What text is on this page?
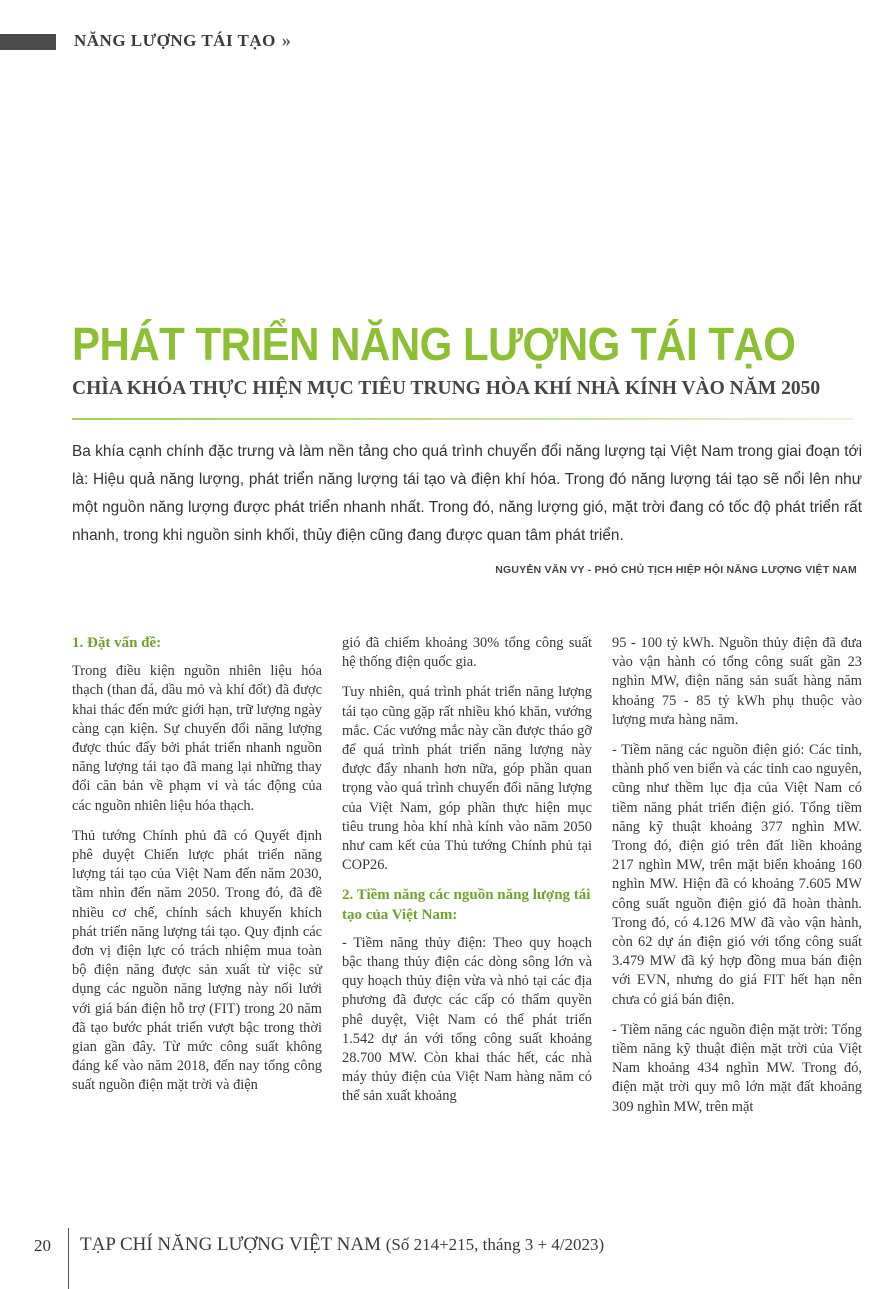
NĂNG LƯỢNG TÁI TẠO »
PHÁT TRIỂN NĂNG LƯỢNG TÁI TẠO
CHÌA KHÓA THỰC HIỆN MỤC TIÊU TRUNG HÒA KHÍ NHÀ KÍNH VÀO NĂM 2050

Ba khía cạnh chính đặc trưng và làm nền tảng cho quá trình chuyển đổi năng lượng tại Việt Nam trong giai đoạn tới là: Hiệu quả năng lượng, phát triển năng lượng tái tạo và điện khí hóa. Trong đó năng lượng tái tạo sẽ nổi lên như một nguồn năng lượng được phát triển nhanh nhất. Trong đó, năng lượng gió, mặt trời đang có tốc độ phát triển rất nhanh, trong khi nguồn sinh khối, thủy điện cũng đang được quan tâm phát triển.

NGUYỄN VĂN VY - PHÓ CHỦ TỊCH HIỆP HỘI NĂNG LƯỢNG VIỆT NAM
1. Đặt vấn đề:

Trong điều kiện nguồn nhiên liệu hóa thạch (than đá, dầu mỏ và khí đốt) đã được khai thác đến mức giới hạn, trữ lượng ngày càng cạn kiện. Sự chuyển đổi năng lượng được thúc đẩy bởi phát triển nhanh nguồn năng lượng tái tạo đã mang lại những thay đổi căn bản về phạm vi và tác động của các nguồn nhiên liệu hóa thạch.

Thủ tướng Chính phủ đã có Quyết định phê duyệt Chiến lược phát triển năng lượng tái tạo của Việt Nam đến năm 2030, tầm nhìn đến năm 2050. Trong đó, đã đề nhiều cơ chế, chính sách khuyến khích phát triển năng lượng tái tạo. Quy định các đơn vị điện lực có trách nhiệm mua toàn bộ điện năng được sản xuất từ việc sử dụng các nguồn năng lượng này nối lưới với giá bán điện hỗ trợ (FIT) trong 20 năm đã tạo bước phát triển vượt bậc trong thời gian gần đây. Từ mức công suất không đáng kể vào năm 2018, đến nay tổng công suất nguồn điện mặt trời và điện

gió đã chiếm khoảng 30% tổng công suất hệ thống điện quốc gia.

Tuy nhiên, quá trình phát triển năng lượng tái tạo cũng gặp rất nhiều khó khăn, vướng mắc. Các vướng mắc này cần được tháo gỡ để quá trình phát triển năng lượng này được đẩy nhanh hơn nữa, góp phần quan trọng vào quá trình chuyển đổi năng lượng của Việt Nam, góp phần thực hiện mục tiêu trung hòa khí nhà kính vào năm 2050 như cam kết của Thủ tướng Chính phủ tại COP26.

2. Tiềm năng các nguồn năng lượng tái tạo của Việt Nam:

- Tiềm năng thủy điện: Theo quy hoạch bậc thang thủy điện các dòng sông lớn và quy hoạch thủy điện vừa và nhỏ tại các địa phương đã được các cấp có thẩm quyền phê duyệt, Việt Nam có thể phát triển 1.542 dự án với tổng công suất khoảng 28.700 MW. Còn khai thác hết, các nhà máy thủy điện của Việt Nam hàng năm có thể sản xuất khoảng

95 - 100 tỷ kWh. Nguồn thủy điện đã đưa vào vận hành có tổng công suất gần 23 nghìn MW, điện năng sản suất hàng năm khoảng 75 - 85 tỷ kWh phụ thuộc vào lượng mưa hàng năm.

- Tiềm năng các nguồn điện gió: Các tỉnh, thành phố ven biển và các tỉnh cao nguyên, cũng như thềm lục địa của Việt Nam có tiềm năng phát triển điện gió. Tổng tiềm năng kỹ thuật khoảng 377 nghìn MW. Trong đó, điện gió trên đất liền khoảng 217 nghìn MW, trên mặt biển khoảng 160 nghìn MW. Hiện đã có khoảng 7.605 MW công suất nguồn điện gió đã hoàn thành. Trong đó, có 4.126 MW đã vào vận hành, còn 62 dự án điện gió với tổng công suất 3.479 MW đã ký hợp đồng mua bán điện với EVN, nhưng do giá FIT hết hạn nên chưa có giá bán điện.

- Tiềm năng các nguồn điện mặt trời: Tổng tiềm năng kỹ thuật điện mặt trời của Việt Nam khoảng 434 nghìn MW. Trong đó, điện mặt trời quy mô lớn mặt đất khoảng 309 nghìn MW, trên mặt

20 TẠP CHÍ NĂNG LƯỢNG VIỆT NAM (Số 214+215, tháng 3 + 4/2023)
